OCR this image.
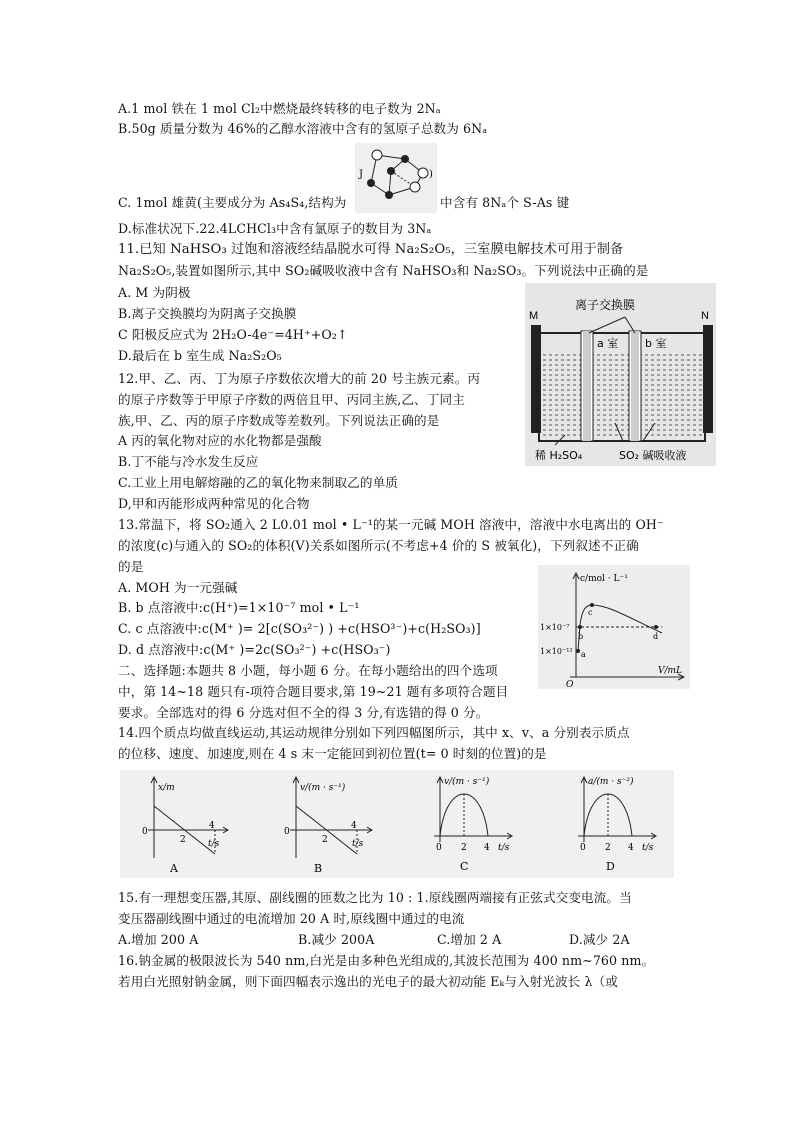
A.1 mol 铁在 1 mol Cl₂中燃烧最终转移的电子数为 2Nₐ
B.50g 质量分数为 46%的乙醇水溶液中含有的氢原子总数为 6Nₐ
J	)
C. 1mol 雄黄(主要成分为 As₄S₄,结构为	中含有 8Nₐ个 S-As 键
D.标准状况下.22.4LCHCl₃中含有氯原子的数目为 3Nₐ
11.已知 NaHSO₃ 过饱和溶液经结晶脱水可得 Na₂S₂O₅，三室膜电解技术可用于制备
Na₂S₂O₅,装置如图所示,其中 SO₂碱吸收液中含有 NaHSO₃和 Na₂SO₃。下列说法中正确的是
A. M 为阴极
B.离子交换膜均为阴离子交换膜
C 阳极反应式为 2H₂O-4e⁻=4H⁺+O₂↑
D.最后在 b 室生成 Na₂S₂O₅
M	N
离子交换膜
a 室 b 室
稀 H₂SO₄	SO₂ 碱吸收液
12.甲、乙、丙、丁为原子序数依次增大的前 20 号主族元素。丙
的原子序数等于甲原子序数的两倍且甲、丙同主族,乙、丁同主
族,甲、乙、丙的原子序数成等差数列。下列说法正确的是
A 丙的氧化物对应的水化物都是强酸
B.丁不能与冷水发生反应
C.工业上用电解熔融的乙的氧化物来制取乙的单质
D,甲和丙能形成两种常见的化合物
13.常温下，将 SO₂通入 2 L0.01 mol • L⁻¹的某一元碱 MOH 溶液中，溶液中水电离出的 OH⁻
的浓度(c)与通入的 SO₂的体积(V)关系如图所示(不考虑+4 价的 S 被氧化)，下列叙述不正确
的是
A. MOH 为一元强碱
B. b 点溶液中:c(H⁺)=1×10⁻⁷ mol • L⁻¹
C. c 点溶液中:c(M⁺ )= 2[c(SO₃²⁻) ) +c(HSO³⁻)+c(H₂SO₃)]
D. d 点溶液中:c(M⁺ )=2c(SO₃²⁻) +c(HSO₃⁻)
c/mol · L⁻¹
V/mL
O
1×10⁻⁷
1×10⁻¹² a
b
c
d
二、选择题:本题共 8 小题，每小题 6 分。在每小题给出的四个选项
中，第 14~18 题只有-项符合题目要求,第 19~21 题有多项符合题目
要求。全部选对的得 6 分选对但不全的得 3 分,有选错的得 0 分。
14.四个质点均做直线运动,其运动规律分别如下列四幅图所示，其中 x、v、a 分别表示质点
的位移、速度、加速度,则在 4 s 末一定能回到初位置(t= 0 时刻的位置)的是
x/m
t/s
0
2
4
A
v/(m · s⁻¹)
t/s
0
2
4
B
v/(m · s⁻¹)
t/s
0 2 4
C
a/(m · s⁻²)
t/s
0 2 4
D
15.有一理想变压器,其原、副线圈的匝数之比为 10 : 1.原线圈两端接有正弦式交变电流。当
变压器副线圈中通过的电流增加 20 A 时,原线圈中通过的电流
A.增加 200 A	B.减少 200A	C.增加 2 A	D.减少 2A
16.钠金属的极限波长为 540 nm,白光是由多种色光组成的,其波长范围为 400 nm~760 nm。
若用白光照射钠金属，则下面四幅表示逸出的光电子的最大初动能 Eₖ与入射光波长 λ（或
